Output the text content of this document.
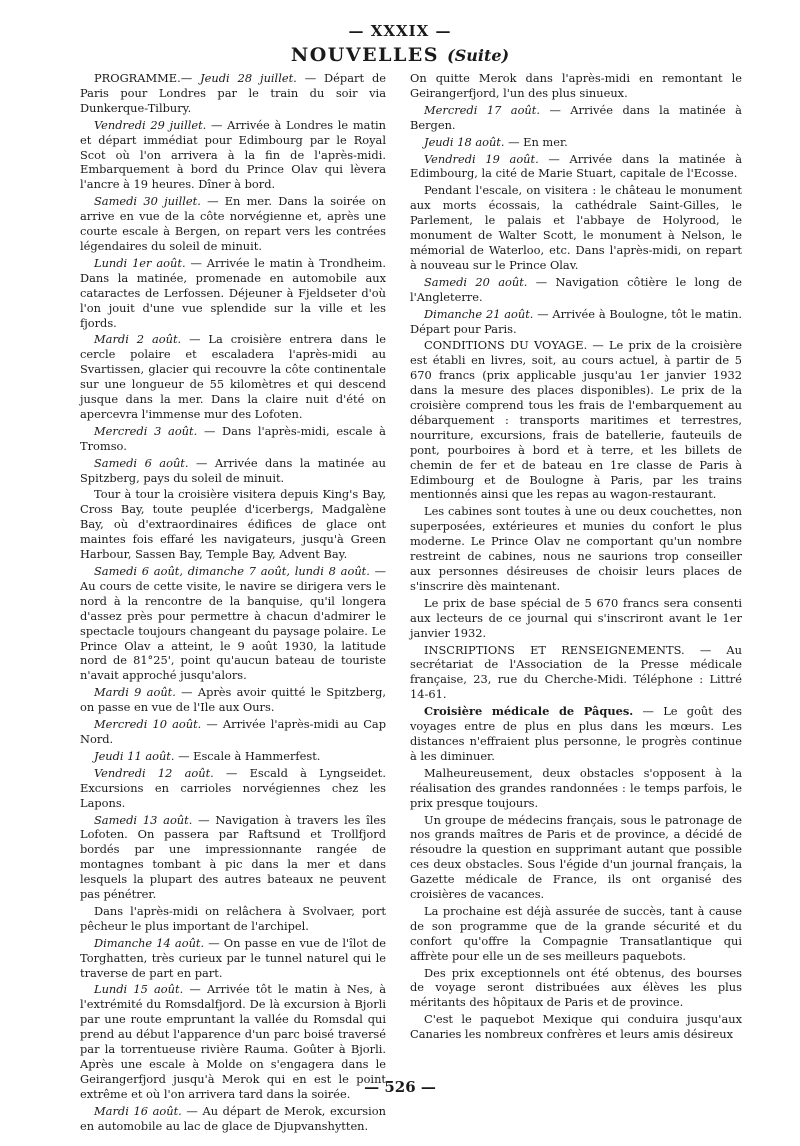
— XXXIX —
NOUVELLES (Suite)

PROGRAMME.— Jeudi 28 juillet. — Départ de Paris pour Londres par le train du soir via Dunkerque-Tilbury.

Vendredi 29 juillet. — Arrivée à Londres le matin et départ immédiat pour Edimbourg par le Royal Scot où l'on arrivera à la fin de l'après-midi. Embarquement à bord du Prince Olav qui lèvera l'ancre à 19 heures. Dîner à bord.

Samedi 30 juillet. — En mer. Dans la soirée on arrive en vue de la côte norvégienne et, après une courte escale à Bergen, on repart vers les contrées légendaires du soleil de minuit.

Lundi 1er août. — Arrivée le matin à Trondheim. Dans la matinée, promenade en automobile aux cataractes de Lerfossen. Déjeuner à Fjeldseter d'où l'on jouit d'une vue splendide sur la ville et les fjords.

Mardi 2 août. — La croisière entrera dans le cercle polaire et escaladera l'après-midi au Svartissen, glacier qui recouvre la côte continentale sur une longueur de 55 kilomètres et qui descend jusque dans la mer. Dans la claire nuit d'été on apercevra l'immense mur des Lofoten.

Mercredi 3 août. — Dans l'après-midi, escale à Tromso.

Samedi 6 août. — Arrivée dans la matinée au Spitzberg, pays du soleil de minuit.

Tour à tour la croisière visitera depuis King's Bay, Cross Bay, toute peuplée d'icerbergs, Madgalène Bay, où d'extraordinaires édifices de glace ont maintes fois effaré les navigateurs, jusqu'à Green Harbour, Sassen Bay, Temple Bay, Advent Bay.

Samedi 6 août, dimanche 7 août, lundi 8 août. — Au cours de cette visite, le navire se dirigera vers le nord à la rencontre de la banquise, qu'il longera d'assez près pour permettre à chacun d'admirer le spectacle toujours changeant du paysage polaire. Le Prince Olav a atteint, le 9 août 1930, la latitude nord de 81°25', point qu'aucun bateau de touriste n'avait approché jusqu'alors.

Mardi 9 août. — Après avoir quitté le Spitzberg, on passe en vue de l'Ile aux Ours.

Mercredi 10 août. — Arrivée l'après-midi au Cap Nord.

Jeudi 11 août. — Escale à Hammerfest.

Vendredi 12 août. — Escald à Lyngseidet. Excursions en carrioles norvégiennes chez les Lapons.

Samedi 13 août. — Navigation à travers les îles Lofoten. On passera par Raftsund et Trollfjord bordés par une impressionnante rangée de montagnes tombant à pic dans la mer et dans lesquels la plupart des autres bateaux ne peuvent pas pénétrer.

Dans l'après-midi on relâchera à Svolvaer, port pêcheur le plus important de l'archipel.

Dimanche 14 août. — On passe en vue de l'îlot de Torghatten, très curieux par le tunnel naturel qui le traverse de part en part.

Lundi 15 août. — Arrivée tôt le matin à Nes, à l'extrémité du Romsdalfjord. De là excursion à Bjorli par une route empruntant la vallée du Romsdal qui prend au début l'apparence d'un parc boisé traversé par la torrentueuse rivière Rauma. Goûter à Bjorli. Après une escale à Molde on s'engagera dans le Geirangerfjord jusqu'à Merok qui en est le point extrême et où l'on arrivera tard dans la soirée.

Mardi 16 août. — Au départ de Merok, excursion en automobile au lac de glace de Djupvanshytten.

On quitte Merok dans l'après-midi en remontant le Geirangerfjord, l'un des plus sinueux.

Mercredi 17 août. — Arrivée dans la matinée à Bergen.

Jeudi 18 août. — En mer.

Vendredi 19 août. — Arrivée dans la matinée à Edimbourg, la cité de Marie Stuart, capitale de l'Ecosse.

Pendant l'escale, on visitera : le château le monument aux morts écossais, la cathédrale Saint-Gilles, le Parlement, le palais et l'abbaye de Holyrood, le monument de Walter Scott, le monument à Nelson, le mémorial de Waterloo, etc. Dans l'après-midi, on repart à nouveau sur le Prince Olav.

Samedi 20 août. — Navigation côtière le long de l'Angleterre.

Dimanche 21 août. — Arrivée à Boulogne, tôt le matin. Départ pour Paris.

CONDITIONS DU VOYAGE. — Le prix de la croisière est établi en livres, soit, au cours actuel, à partir de 5 670 francs (prix applicable jusqu'au 1er janvier 1932 dans la mesure des places disponibles). Le prix de la croisière comprend tous les frais de l'embarquement au débarquement : transports maritimes et terrestres, nourriture, excursions, frais de batellerie, fauteuils de pont, pourboires à bord et à terre, et les billets de chemin de fer et de bateau en 1re classe de Paris à Edimbourg et de Boulogne à Paris, par les trains mentionnés ainsi que les repas au wagon-restaurant.

Les cabines sont toutes à une ou deux couchettes, non superposées, extérieures et munies du confort le plus moderne. Le Prince Olav ne comportant qu'un nombre restreint de cabines, nous ne saurions trop conseiller aux personnes désireuses de choisir leurs places de s'inscrire dès maintenant.

Le prix de base spécial de 5 670 francs sera consenti aux lecteurs de ce journal qui s'inscriront avant le 1er janvier 1932.

INSCRIPTIONS ET RENSEIGNEMENTS. — Au secrétariat de l'Association de la Presse médicale française, 23, rue du Cherche-Midi. Téléphone : Littré 14-61.

Croisière médicale de Pâques. — Le goût des voyages entre de plus en plus dans les mœurs. Les distances n'effraient plus personne, le progrès continue à les diminuer.

Malheureusement, deux obstacles s'opposent à la réalisation des grandes randonnées : le temps parfois, le prix presque toujours.

Un groupe de médecins français, sous le patronage de nos grands maîtres de Paris et de province, a décidé de résoudre la question en supprimant autant que possible ces deux obstacles. Sous l'égide d'un journal français, la Gazette médicale de France, ils ont organisé des croisières de vacances.

La prochaine est déjà assurée de succès, tant à cause de son programme que de la grande sécurité et du confort qu'offre la Compagnie Transatlantique qui affrète pour elle un de ses meilleurs paquebots.

Des prix exceptionnels ont été obtenus, des bourses de voyage seront distribuées aux élèves les plus méritants des hôpitaux de Paris et de province.

C'est le paquebot Mexique qui conduira jusqu'aux Canaries les nombreux confrères et leurs amis désireux

— 526 —
